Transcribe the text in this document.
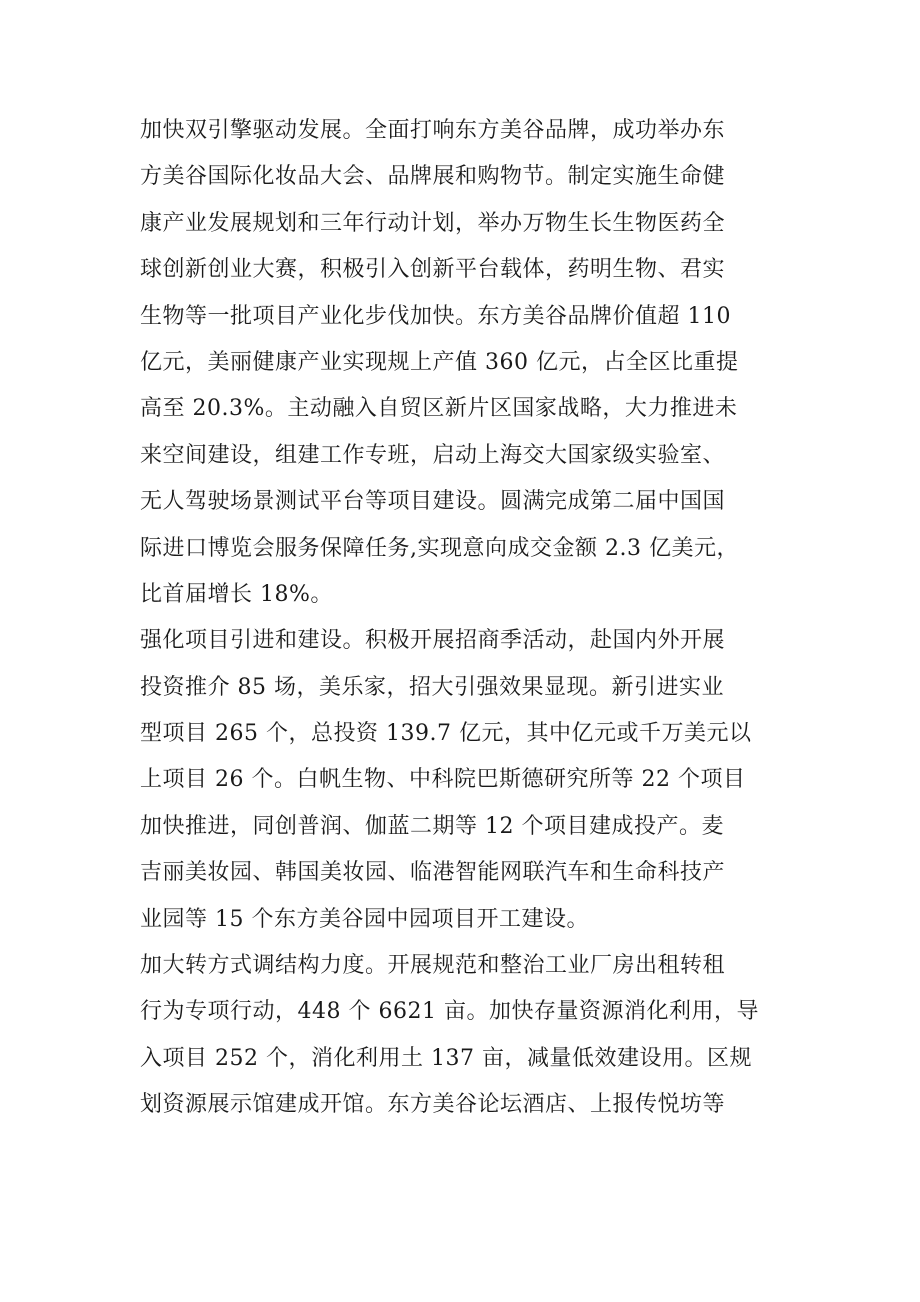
加快双引擎驱动发展。全面打响东方美谷品牌，成功举办东
方美谷国际化妆品大会、品牌展和购物节。制定实施生命健
康产业发展规划和三年行动计划，举办万物生长生物医药全
球创新创业大赛，积极引入创新平台载体，药明生物、君实
生物等一批项目产业化步伐加快。东方美谷品牌价值超 110
亿元，美丽健康产业实现规上产值 360 亿元，占全区比重提
高至 20.3%。主动融入自贸区新片区国家战略，大力推进未
来空间建设，组建工作专班，启动上海交大国家级实验室、
无人驾驶场景测试平台等项目建设。圆满完成第二届中国国
际进口博览会服务保障任务,实现意向成交金额 2.3 亿美元，
比首届增长 18%。
强化项目引进和建设。积极开展招商季活动，赴国内外开展
投资推介 85 场，美乐家，招大引强效果显现。新引进实业
型项目 265 个，总投资 139.7 亿元，其中亿元或千万美元以
上项目 26 个。白帆生物、中科院巴斯德研究所等 22 个项目
加快推进，同创普润、伽蓝二期等 12 个项目建成投产。麦
吉丽美妆园、韩国美妆园、临港智能网联汽车和生命科技产
业园等 15 个东方美谷园中园项目开工建设。
加大转方式调结构力度。开展规范和整治工业厂房出租转租
行为专项行动，448 个 6621 亩。加快存量资源消化利用，导
入项目 252 个，消化利用土 137 亩，减量低效建设用。区规
划资源展示馆建成开馆。东方美谷论坛酒店、上报传悦坊等
